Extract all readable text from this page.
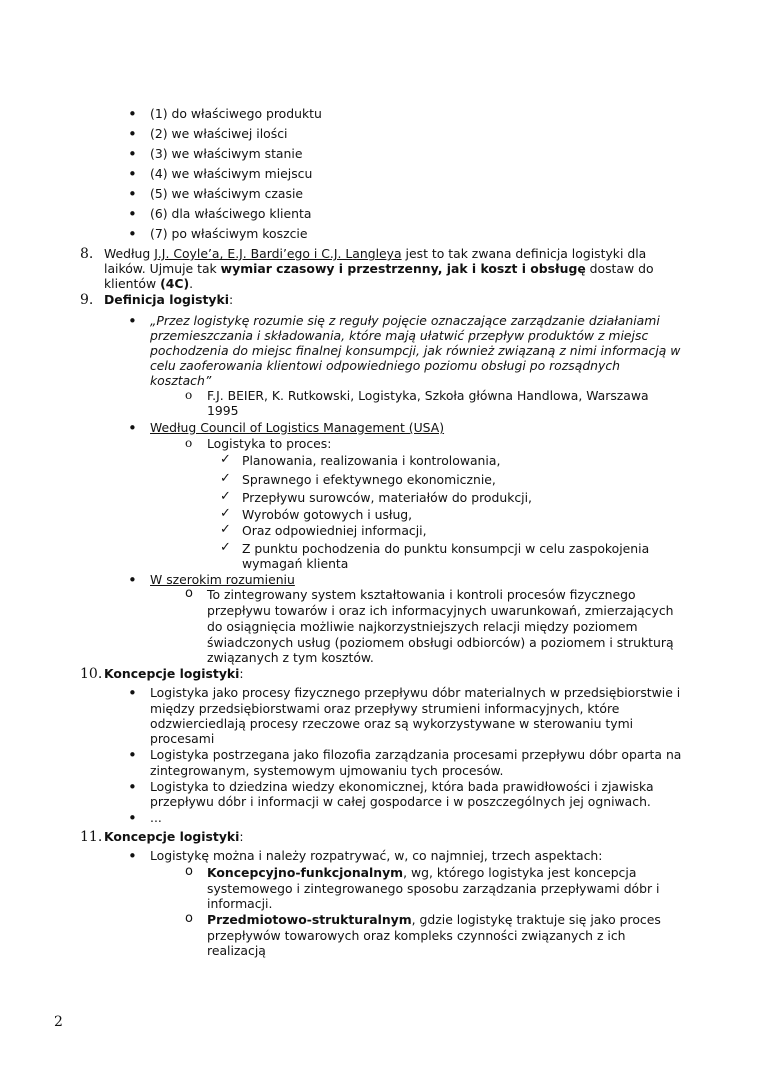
• (1) do właściwego produktu
• (2) we właściwej ilości
• (3) we właściwym stanie
• (4) we właściwym miejscu
• (5) we właściwym czasie
• (6) dla właściwego klienta
• (7) po właściwym koszcie
8. Według J.J. Coyle’a, E.J. Bardi’ego i C.J. Langleya jest to tak zwana definicja logistyki dla
laików. Ujmuje tak wymiar czasowy i przestrzenny, jak i koszt i obsługę dostaw do
klientów (4C).
9. Definicja logistyki:
• „Przez logistykę rozumie się z reguły pojęcie oznaczające zarządzanie działaniami
przemieszczania i składowania, które mają ułatwić przepływ produktów z miejsc
pochodzenia do miejsc finalnej konsumpcji, jak również związaną z nimi informacją w
celu zaoferowania klientowi odpowiedniego poziomu obsługi po rozsądnych
kosztach”
o F.J. BEIER, K. Rutkowski, Logistyka, Szkoła główna Handlowa, Warszawa
1995
• Według Council of Logistics Management (USA)
o Logistyka to proces:
✓ Planowania, realizowania i kontrolowania,
✓ Sprawnego i efektywnego ekonomicznie,
✓ Przepływu surowców, materiałów do produkcji,
✓ Wyrobów gotowych i usług,
✓ Oraz odpowiedniej informacji,
✓ Z punktu pochodzenia do punktu konsumpcji w celu zaspokojenia
wymagań klienta
• W szerokim rozumieniu
o To zintegrowany system kształtowania i kontroli procesów fizycznego
przepływu towarów i oraz ich informacyjnych uwarunkowań, zmierzających
do osiągnięcia możliwie najkorzystniejszych relacji między poziomem
świadczonych usług (poziomem obsługi odbiorców) a poziomem i strukturą
związanych z tym kosztów.
10. Koncepcje logistyki:
• Logistyka jako procesy fizycznego przepływu dóbr materialnych w przedsiębiorstwie i
między przedsiębiorstwami oraz przepływy strumieni informacyjnych, które
odzwierciedlają procesy rzeczowe oraz są wykorzystywane w sterowaniu tymi
procesami
• Logistyka postrzegana jako filozofia zarządzania procesami przepływu dóbr oparta na
zintegrowanym, systemowym ujmowaniu tych procesów.
• Logistyka to dziedzina wiedzy ekonomicznej, która bada prawidłowości i zjawiska
przepływu dóbr i informacji w całej gospodarce i w poszczególnych jej ogniwach.
• ...
11. Koncepcje logistyki:
• Logistykę można i należy rozpatrywać, w, co najmniej, trzech aspektach:
o Koncepcyjno-funkcjonalnym, wg, którego logistyka jest koncepcja
systemowego i zintegrowanego sposobu zarządzania przepływami dóbr i
informacji.
o Przedmiotowo-strukturalnym, gdzie logistykę traktuje się jako proces
przepływów towarowych oraz kompleks czynności związanych z ich
realizacją
2
